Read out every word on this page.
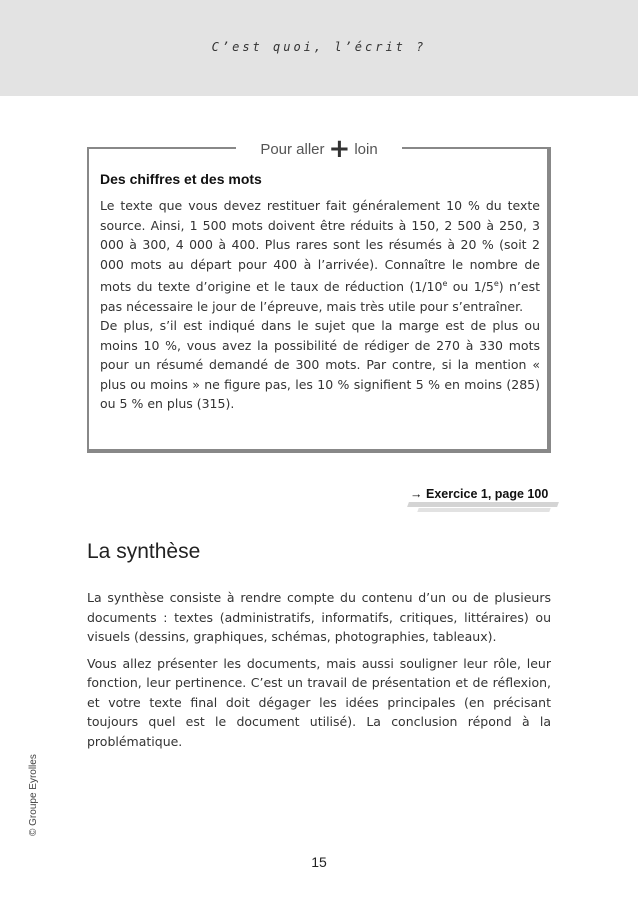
C’est quoi, l’écrit ?
Pour aller + loin
Des chiffres et des mots

Le texte que vous devez restituer fait généralement 10 % du texte source. Ainsi, 1 500 mots doivent être réduits à 150, 2 500 à 250, 3 000 à 300, 4 000 à 400. Plus rares sont les résumés à 20 % (soit 2 000 mots au départ pour 400 à l’arrivée). Connaître le nombre de mots du texte d’origine et le taux de réduction (1/10e ou 1/5e) n’est pas nécessaire le jour de l’épreuve, mais très utile pour s’entraîner.

De plus, s’il est indiqué dans le sujet que la marge est de plus ou moins 10 %, vous avez la possibilité de rédiger de 270 à 330 mots pour un résumé demandé de 300 mots. Par contre, si la mention « plus ou moins » ne figure pas, les 10 % signifient 5 % en moins (285) ou 5 % en plus (315).

→ Exercice 1, page 100
La synthèse

La synthèse consiste à rendre compte du contenu d’un ou de plusieurs documents : textes (administratifs, informatifs, critiques, littéraires) ou visuels (dessins, graphiques, schémas, photographies, tableaux).

Vous allez présenter les documents, mais aussi souligner leur rôle, leur fonction, leur pertinence. C’est un travail de présentation et de réflexion, et votre texte final doit dégager les idées principales (en précisant toujours quel est le document utilisé). La conclusion répond à la problématique.

© Groupe Eyrolles
15
